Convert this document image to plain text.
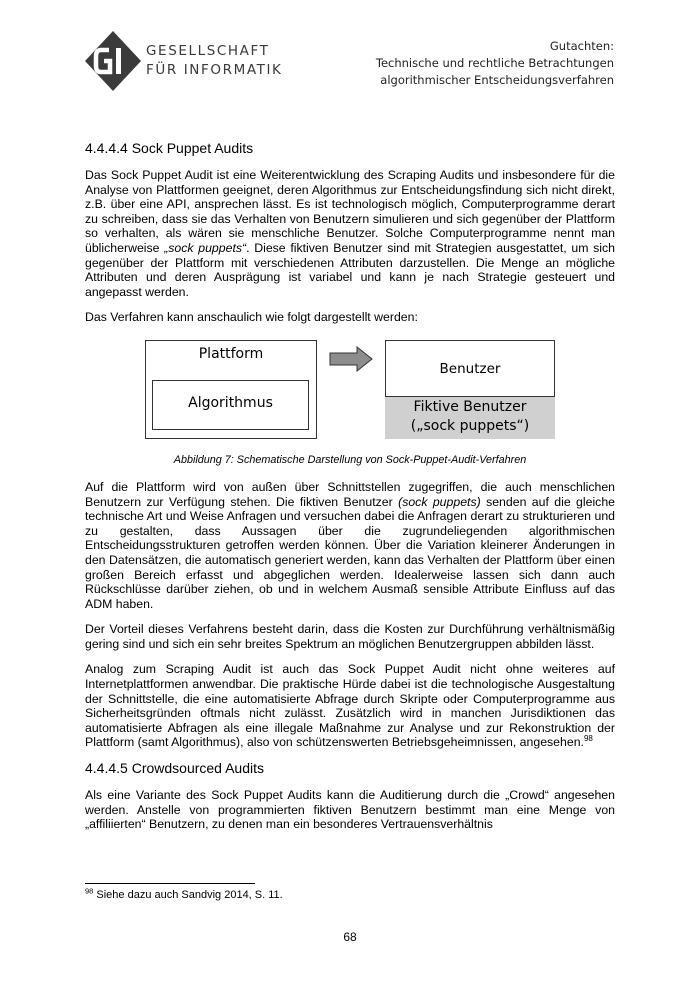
GESELLSCHAFT
FÜR INFORMATIK
Gutachten:
Technische und rechtliche Betrachtungen
algorithmischer Entscheidungsverfahren
4.4.4.4 Sock Puppet Audits

Das Sock Puppet Audit ist eine Weiterentwicklung des Scraping Audits und insbesondere für die Analyse von Plattformen geeignet, deren Algorithmus zur Entscheidungsfindung sich nicht direkt, z.B. über eine API, ansprechen lässt. Es ist technologisch möglich, Computerprogramme derart zu schreiben, dass sie das Verhalten von Benutzern simulieren und sich gegenüber der Plattform so verhalten, als wären sie menschliche Benutzer. Solche Computerprogramme nennt man üblicherweise „sock puppets“. Diese fiktiven Benutzer sind mit Strategien ausgestattet, um sich gegenüber der Plattform mit verschiedenen Attributen darzustellen. Die Menge an mögliche Attributen und deren Ausprägung ist variabel und kann je nach Strategie gesteuert und angepasst werden.

Das Verfahren kann anschaulich wie folgt dargestellt werden:

Plattform
Algorithmus
Benutzer
Fiktive Benutzer
(„sock puppets“)
Abbildung 7: Schematische Darstellung von Sock-Puppet-Audit-Verfahren

Auf die Plattform wird von außen über Schnittstellen zugegriffen, die auch menschlichen Benutzern zur Verfügung stehen. Die fiktiven Benutzer (sock puppets) senden auf die gleiche technische Art und Weise Anfragen und versuchen dabei die Anfragen derart zu strukturieren und zu gestalten, dass Aussagen über die zugrundeliegenden algorithmischen Entscheidungsstrukturen getroffen werden können. Über die Variation kleinerer Änderungen in den Datensätzen, die automatisch generiert werden, kann das Verhalten der Plattform über einen großen Bereich erfasst und abgeglichen werden. Idealerweise lassen sich dann auch Rückschlüsse darüber ziehen, ob und in welchem Ausmaß sensible Attribute Einfluss auf das ADM haben.

Der Vorteil dieses Verfahrens besteht darin, dass die Kosten zur Durchführung verhältnismäßig gering sind und sich ein sehr breites Spektrum an möglichen Benutzergruppen abbilden lässt.

Analog zum Scraping Audit ist auch das Sock Puppet Audit nicht ohne weiteres auf Internetplattformen anwendbar. Die praktische Hürde dabei ist die technologische Ausgestaltung der Schnittstelle, die eine automatisierte Abfrage durch Skripte oder Computerprogramme aus Sicherheitsgründen oftmals nicht zulässt. Zusätzlich wird in manchen Jurisdiktionen das automatisierte Abfragen als eine illegale Maßnahme zur Analyse und zur Rekonstruktion der Plattform (samt Algorithmus), also von schützenswerten Betriebsgeheimnissen, angesehen.$^{98}$

4.4.4.5 Crowdsourced Audits

Als eine Variante des Sock Puppet Audits kann die Auditierung durch die „Crowd“ angesehen werden. Anstelle von programmierten fiktiven Benutzern bestimmt man eine Menge von „affiliierten“ Benutzern, zu denen man ein besonderes Vertrauensverhältnis

$^{98}$ Siehe dazu auch Sandvig 2014, S. 11.
68
